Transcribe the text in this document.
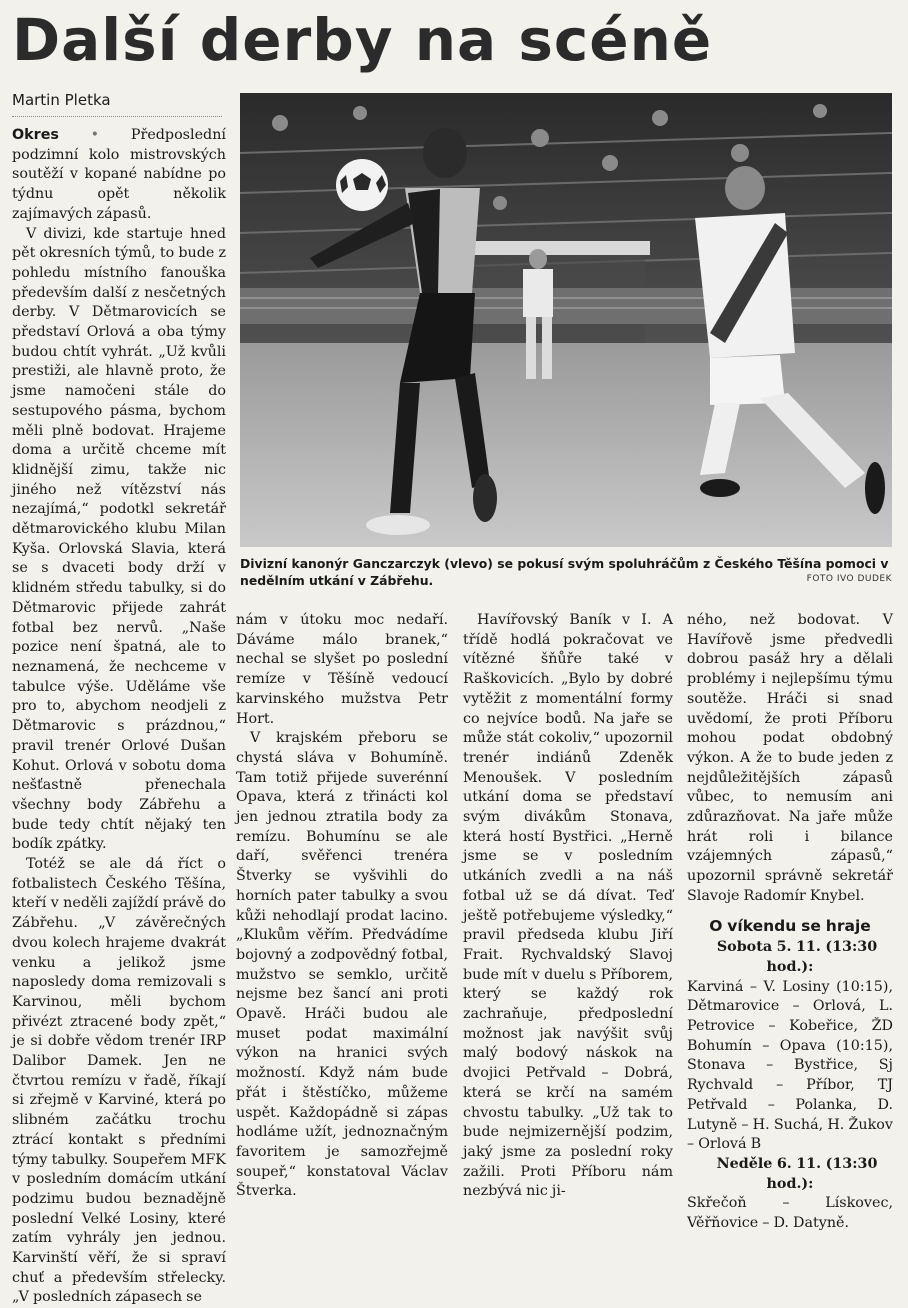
Další derby na scéně
Martin Pletka

Okres • Předposlední podzimní kolo mistrovských soutěží v kopané nabídne po týdnu opět několik zajímavých zápasů.

V divizi, kde startuje hned pět okresních týmů, to bude z pohledu místního fanouška především další z nesčetných derby. V Dětmarovicích se představí Orlová a oba týmy budou chtít vyhrát. „Už kvůli prestiži, ale hlavně proto, že jsme namočeni stále do sestupového pásma, bychom měli plně bodovat. Hrajeme doma a určitě chceme mít klidnější zimu, takže nic jiného než vítězství nás nezajímá,“ podotkl sekretář dětmarovického klubu Milan Kyša. Orlovská Slavia, která se s dvaceti body drží v klidném středu tabulky, si do Dětmarovic přijede zahrát fotbal bez nervů. „Naše pozice není špatná, ale to neznamená, že nechceme v tabulce výše. Uděláme vše pro to, abychom neodjeli z Dětmarovic s prázdnou,“ pravil trenér Orlové Dušan Kohut. Orlová v sobotu doma nešťastně přenechala všechny body Zábřehu a bude tedy chtít nějaký ten bodík zpátky.

Totéž se ale dá říct o fotbalistech Českého Těšína, kteří v neděli zajíždí právě do Zábřehu. „V závěrečných dvou kolech hrajeme dvakrát venku a jelikož jsme naposledy doma remizovali s Karvinou, měli bychom přivézt ztracené body zpět,“ je si dobře vědom trenér IRP Dalibor Damek. Jen ne čtvrtou remízu v řadě, říkají si zřejmě v Karviné, která po slibném začátku trochu ztrácí kontakt s předními týmy tabulky. Soupeřem MFK v posledním domácím utkání podzimu budou beznadějně poslední Velké Losiny, které zatím vyhrály jen jednou. Karvinští věří, že si spraví chuť a především střelecky. „V posledních zápasech se

Divizní kanonýr Ganczarczyk (vlevo) se pokusí svým spoluhráčům z Českého Těšína pomoci v nedělním utkání v Zábřehu.	FOTO IVO DUDEK

nám v útoku moc nedaří. Dáváme málo branek,“ nechal se slyšet po poslední remíze v Těšíně vedoucí karvinského mužstva Petr Hort.

V krajském přeboru se chystá sláva v Bohumíně. Tam totiž přijede suverénní Opava, která z třinácti kol jen jednou ztratila body za remízu. Bohumínu se ale daří, svěřenci trenéra Štverky se vyšvihli do horních pater tabulky a svou kůži nehodlají prodat lacino. „Klukům věřím. Předvádíme bojovný a zodpovědný fotbal, mužstvo se semklo, určitě nejsme bez šancí ani proti Opavě. Hráči budou ale muset podat maximální výkon na hranici svých možností. Když nám bude přát i štěstíčko, můžeme uspět. Každopádně si zápas hodláme užít, jednoznačným favoritem je samozřejmě soupeř,“ konstatoval Václav Štverka.

Havířovský Baník v I. A třídě hodlá pokračovat ve vítězné šňůře také v Raškovicích. „Bylo by dobré vytěžit z momentální formy co nejvíce bodů. Na jaře se může stát cokoliv,“ upozornil trenér indiánů Zdeněk Menoušek. V posledním utkání doma se představí svým divákům Stonava, která hostí Bystřici. „Herně jsme se v posledním utkáních zvedli a na náš fotbal už se dá dívat. Teď ještě potřebujeme výsledky,“ pravil předseda klubu Jiří Frait. Rychvaldský Slavoj bude mít v duelu s Příborem, který se každý rok zachraňuje, předposlední možnost jak navýšit svůj malý bodový náskok na dvojici Petřvald – Dobrá, která se krčí na samém chvostu tabulky. „Už tak to bude nejmizernější podzim, jaký jsme za poslední roky zažili. Proti Příboru nám nezbývá nic ji-

ného, než bodovat. V Havířově jsme předvedli dobrou pasáž hry a dělali problémy i nejlepšímu týmu soutěže. Hráči si snad uvědomí, že proti Příboru mohou podat obdobný výkon. A že to bude jeden z nejdůležitějších zápasů vůbec, to nemusím ani zdůrazňovat. Na jaře může hrát roli i bilance vzájemných zápasů,“ upozornil správně sekretář Slavoje Radomír Knybel.

O víkendu se hraje

Sobota 5. 11. (13:30 hod.):
Karviná – V. Losiny (10:15), Dětmarovice – Orlová, L. Petrovice – Kobeřice, ŽD Bohumín – Opava (10:15), Stonava – Bystřice, Sj Rychvald – Příbor, TJ Petřvald – Polanka, D. Lutyně – H. Suchá, H. Žukov – Orlová B

Neděle 6. 11. (13:30 hod.):
Skřečoň – Lískovec, Věřňovice – D. Datyně.
